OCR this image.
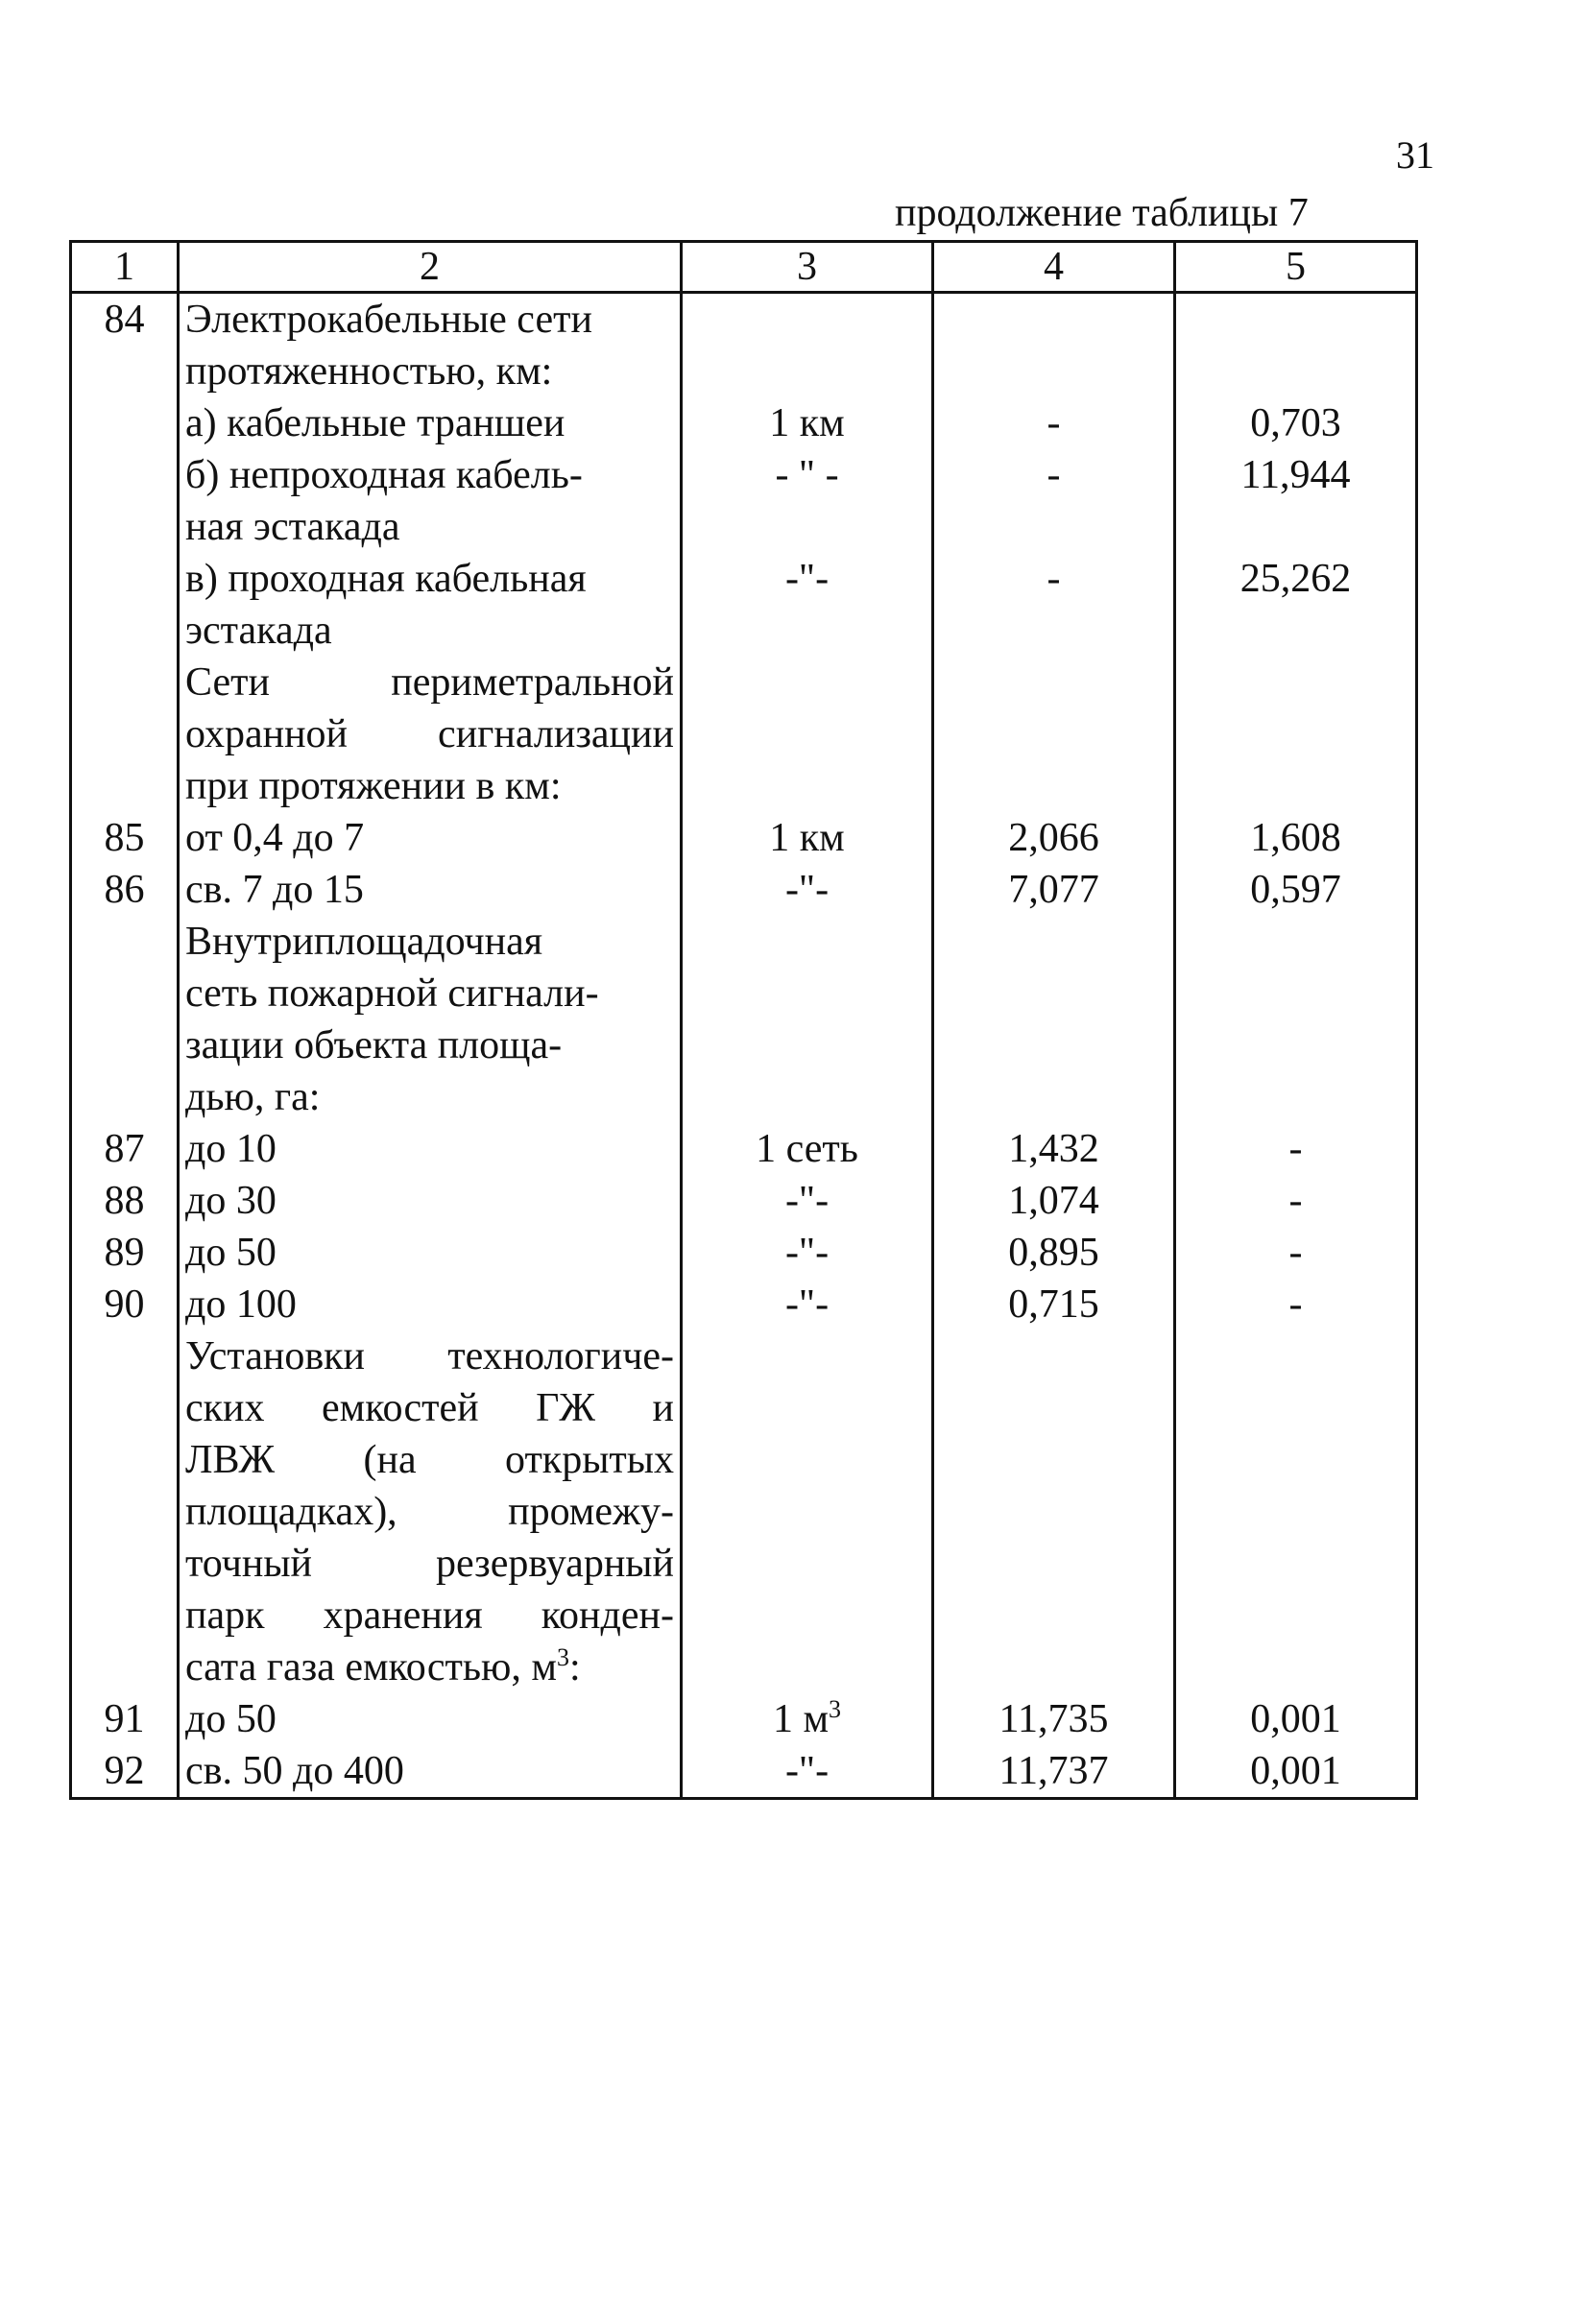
31
продолжение таблицы 7
1	2	3	4	5
84	Электрокабельные сети			
	протяженностью, км:			
	а) кабельные траншеи	1 км	-	0,703
	б) непроходная кабель-	- " -	-	11,944
	ная эстакада			
	в) проходная кабельная	-"-	-	25,262
	эстакада			
	Сети периметральной			
	охранной сигнализации			
	при протяжении в км:			
85	от 0,4 до 7	1 км	2,066	1,608
86	св. 7 до 15	-"-	7,077	0,597
	Внутриплощадочная			
	сеть пожарной сигнали-			
	зации объекта площа-			
	дью, га:			
87	до 10	1 сеть	1,432	-
88	до 30	-"-	1,074	-
89	до 50	-"-	0,895	-
90	до 100	-"-	0,715	-
	Установки технологиче-			
	ских емкостей ГЖ и			
	ЛВЖ (на открытых			
	площадках), промежу-			
	точный резервуарный			
	парк хранения конден-			
	сата газа емкостью, $м^3$:			
91	до 50	1 $м^3$	11,735	0,001
92	св. 50 до 400	-"-	11,737	0,001
